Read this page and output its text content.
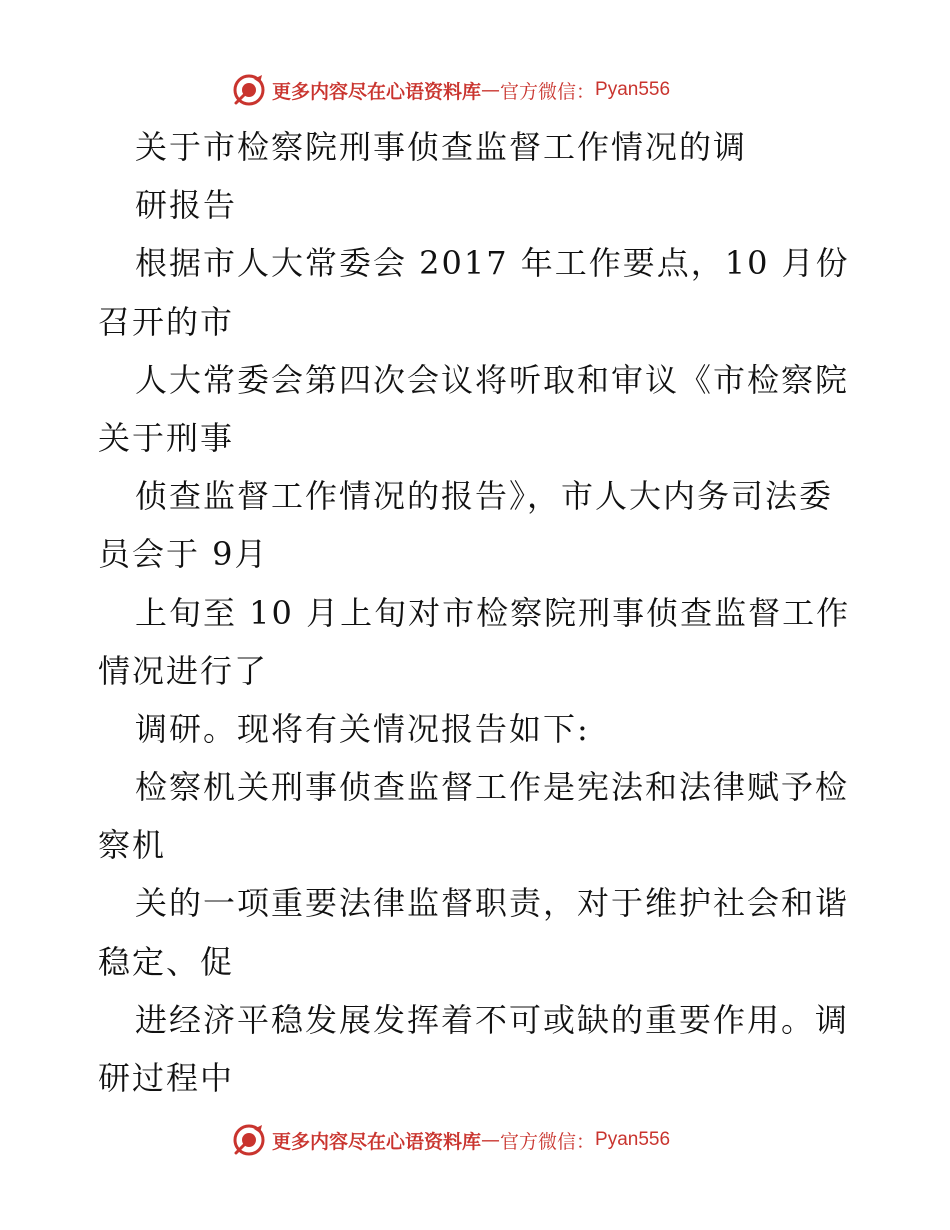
更多内容尽在心语资料库 — 官方微信： Pyan556
关于市检察院刑事侦查监督工作情况的调
研报告
根据市人大常委会 2017 年工作要点，10 月份
召开的市
人大常委会第四次会议将听取和审议《市检察院
关于刑事
侦查监督工作情况的报告》，市人大内务司法委
员会于 9月
上旬至 10 月上旬对市检察院刑事侦查监督工作
情况进行了
调研。现将有关情况报告如下:
检察机关刑事侦查监督工作是宪法和法律赋予检
察机
关的一项重要法律监督职责，对于维护社会和谐
稳定、促
进经济平稳发展发挥着不可或缺的重要作用。调
研过程中
更多内容尽在心语资料库 — 官方微信： Pyan556
